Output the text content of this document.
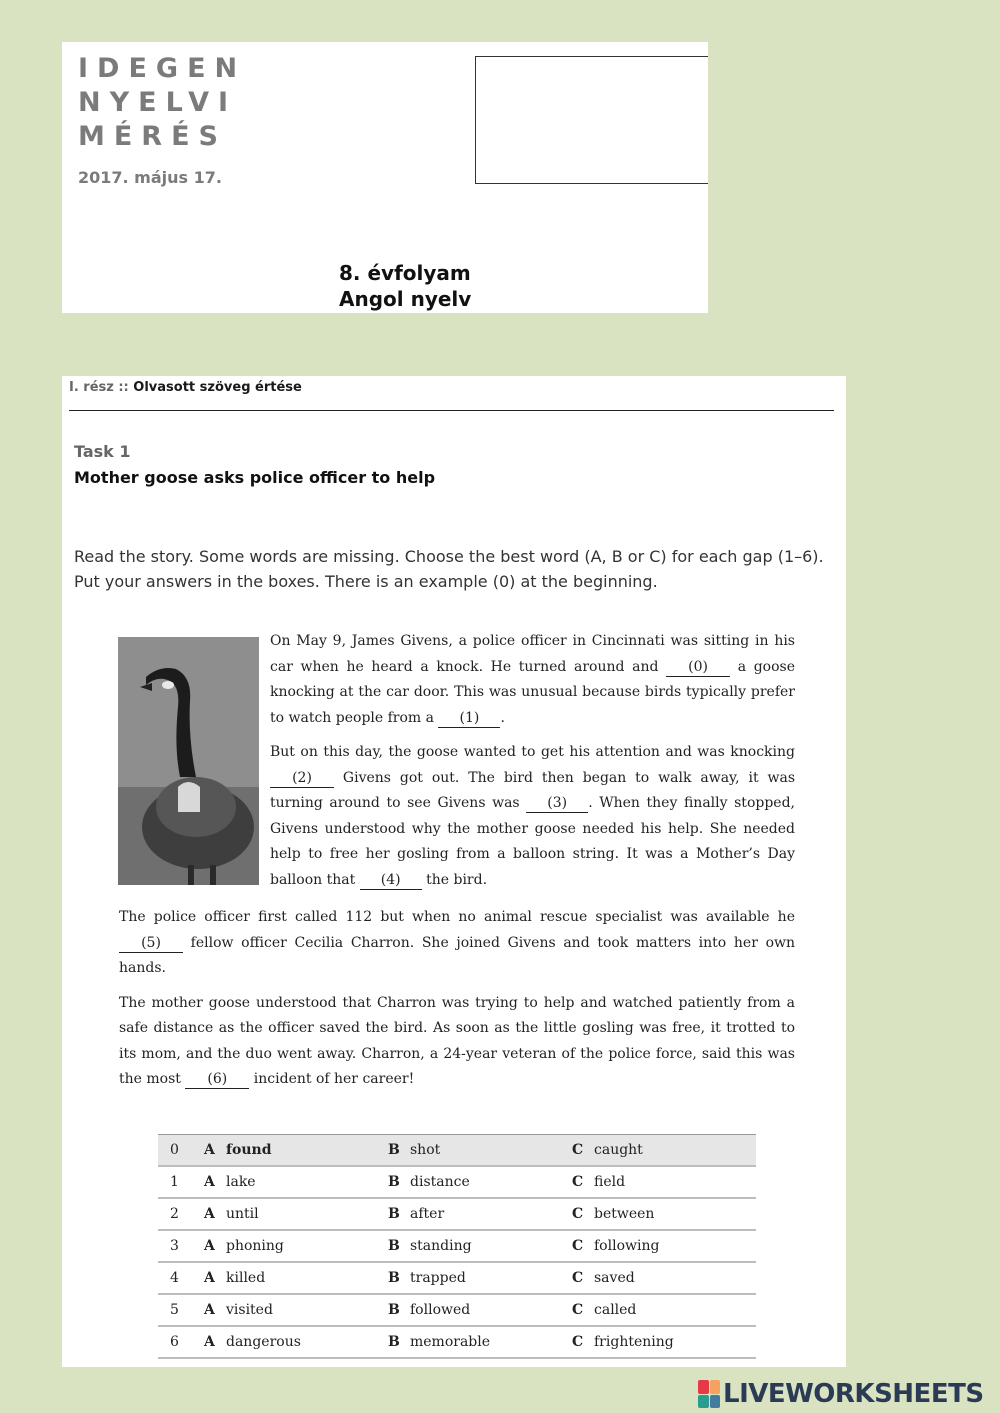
IDEGEN
NYELVI
MÉRÉS
2017. május 17.
8. évfolyam
Angol nyelv
I. rész :: Olvasott szöveg értése
Task 1
Mother goose asks police officer to help
Read the story. Some words are missing. Choose the best word (A, B or C) for each gap (1–6). Put your answers in the boxes. There is an example (0) at the beginning.

On May 9, James Givens, a police officer in Cincinnati was sitting in his car when he heard a knock. He turned around and (0) a goose knocking at the car door. This was unusual because birds typically prefer to watch people from a (1) .

But on this day, the goose wanted to get his attention and was knocking (2) Givens got out. The bird then began to walk away, it was turning around to see Givens was (3) . When they finally stopped, Givens understood why the mother goose needed his help. She needed help to free her gosling from a balloon string. It was a Mother’s Day balloon that (4) the bird.

The police officer first called 112 but when no animal rescue specialist was available he (5) fellow officer Cecilia Charron. She joined Givens and took matters into her own hands.

The mother goose understood that Charron was trying to help and watched patiently from a safe distance as the officer saved the bird. As soon as the little gosling was free, it trotted to its mom, and the duo went away. Charron, a 24-year veteran of the police force, said this was the most (6) incident of her career!

0	A found	B shot	C caught
1	A lake	B distance	C field
2	A until	B after	C between
3	A phoning	B standing	C following
4	A killed	B trapped	C saved
5	A visited	B followed	C called
6	A dangerous	B memorable	C frightening
LIVEWORKSHEETS
